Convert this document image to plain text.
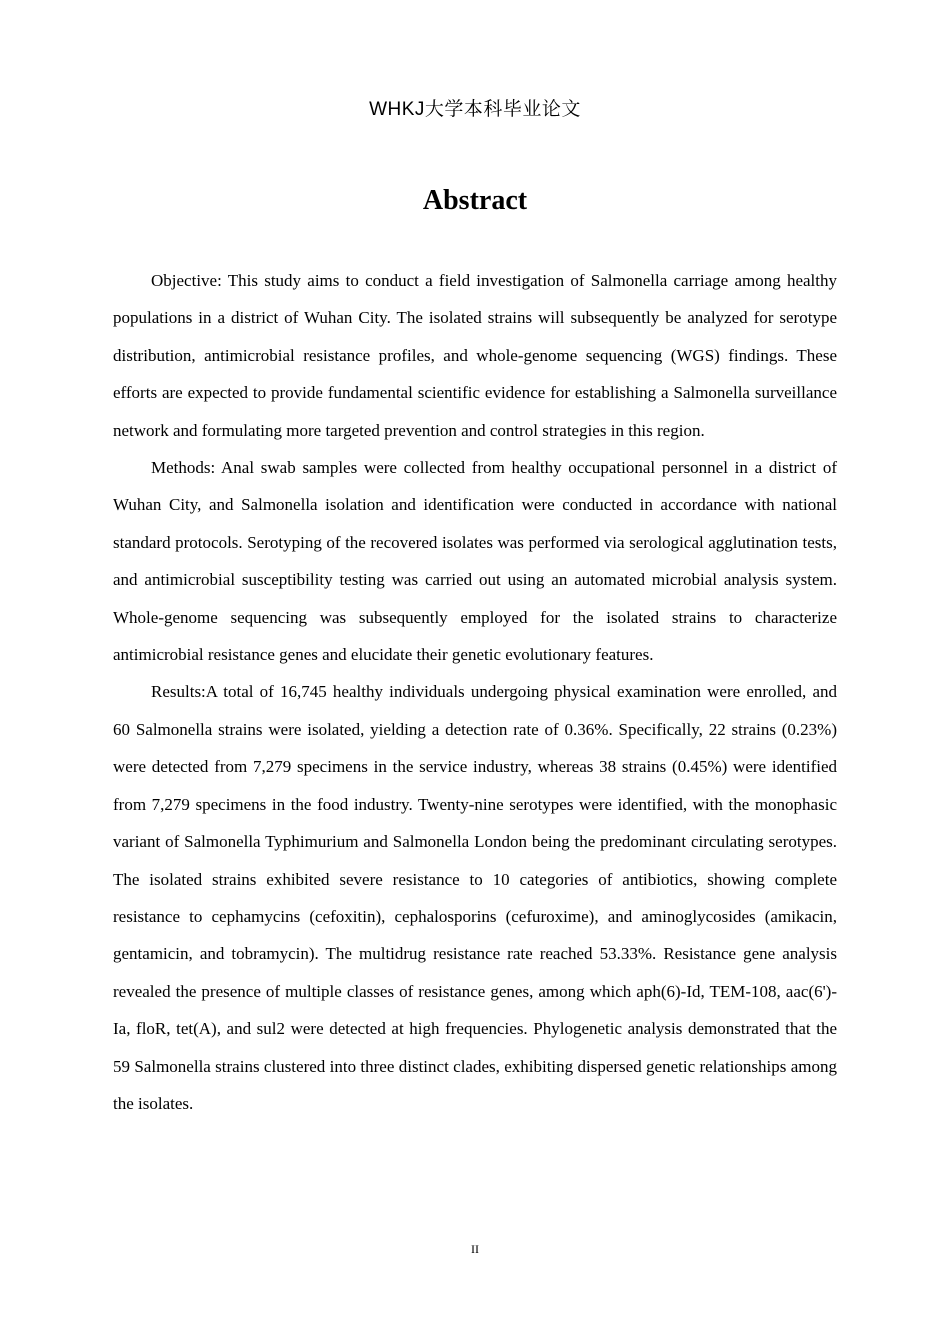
WHKJ大学本科毕业论文
Abstract

Objective: This study aims to conduct a field investigation of Salmonella carriage among healthy populations in a district of Wuhan City. The isolated strains will subsequently be analyzed for serotype distribution, antimicrobial resistance profiles, and whole-genome sequencing (WGS) findings. These efforts are expected to provide fundamental scientific evidence for establishing a Salmonella surveillance network and formulating more targeted prevention and control strategies in this region.

Methods: Anal swab samples were collected from healthy occupational personnel in a district of Wuhan City, and Salmonella isolation and identification were conducted in accordance with national standard protocols. Serotyping of the recovered isolates was performed via serological agglutination tests, and antimicrobial susceptibility testing was carried out using an automated microbial analysis system. Whole-genome sequencing was subsequently employed for the isolated strains to characterize antimicrobial resistance genes and elucidate their genetic evolutionary features.

Results:A total of 16,745 healthy individuals undergoing physical examination were enrolled, and 60 Salmonella strains were isolated, yielding a detection rate of 0.36%. Specifically, 22 strains (0.23%) were detected from 7,279 specimens in the service industry, whereas 38 strains (0.45%) were identified from 7,279 specimens in the food industry. Twenty-nine serotypes were identified, with the monophasic variant of Salmonella Typhimurium and Salmonella London being the predominant circulating serotypes. The isolated strains exhibited severe resistance to 10 categories of antibiotics, showing complete resistance to cephamycins (cefoxitin), cephalosporins (cefuroxime), and aminoglycosides (amikacin, gentamicin, and tobramycin). The multidrug resistance rate reached 53.33%. Resistance gene analysis revealed the presence of multiple classes of resistance genes, among which aph(6)-Id, TEM-108, aac(6')-Ia, floR, tet(A), and sul2 were detected at high frequencies. Phylogenetic analysis demonstrated that the 59 Salmonella strains clustered into three distinct clades, exhibiting dispersed genetic relationships among the isolates.

II
